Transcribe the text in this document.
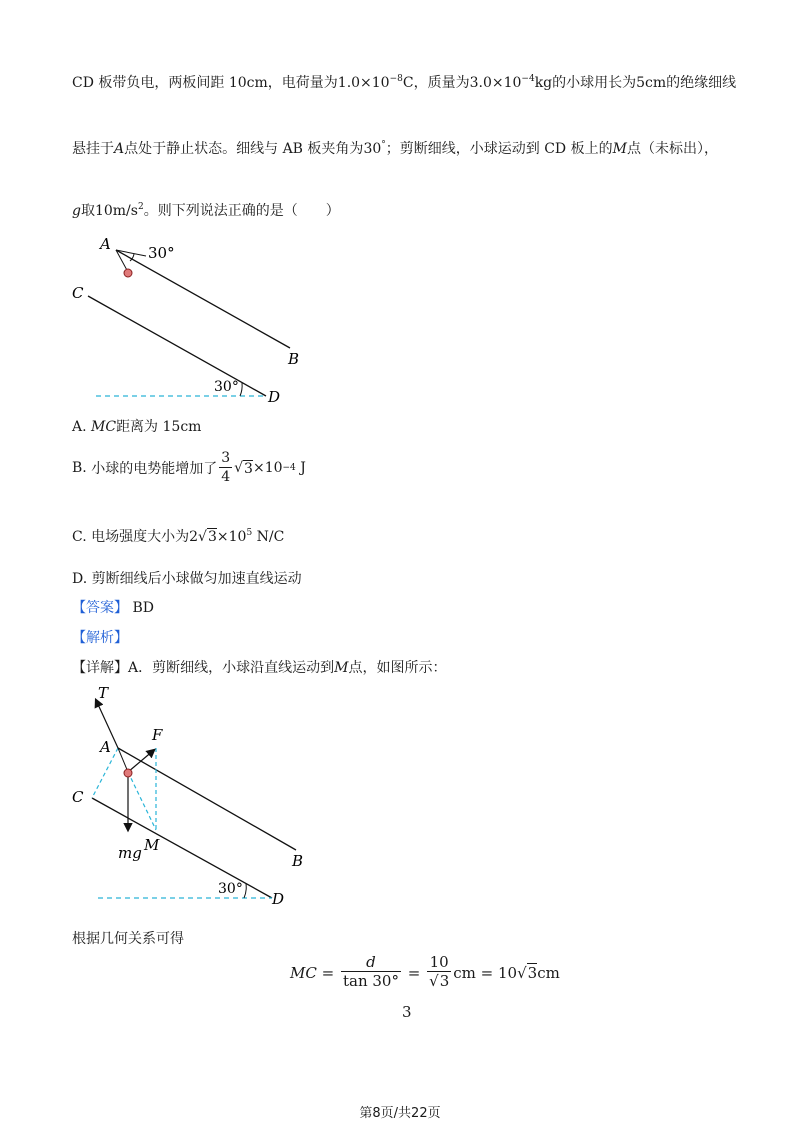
CD 板带负电，两板间距 10cm，电荷量为$1.0\times 10^{-8}C$，质量为$3.0\times 10^{-4}kg$的小球用长为5cm的绝缘细线
悬挂于A点处于静止状态。细线与 AB 板夹角为30°；剪断细线，小球运动到 CD 板上的M点（未标出），
g取$10m/s^2$。则下列说法正确的是（　　）
A 30°
C
B
30°
D
A. MC距离为 15cm
B.
小球的电势能增加了 $\frac{3}{4}$ √ 3 ×10 −4
J
C. 电场强度大小为$2√3\times 10^5$ N/C
D. 剪断细线后小球做匀加速直线运动
【答案】 BD
【解析】
【详解】A．剪断细线，小球沿直线运动到M点，如图所示：
T
A
F
C
M
mg	B
30°
D
根据几何关系可得
MC
=
$\frac{d}{\tan 30^\circ}$
=
$\frac{10}{√3}$ cm
=
10 √ 3 cm
3
第8页/共22页
